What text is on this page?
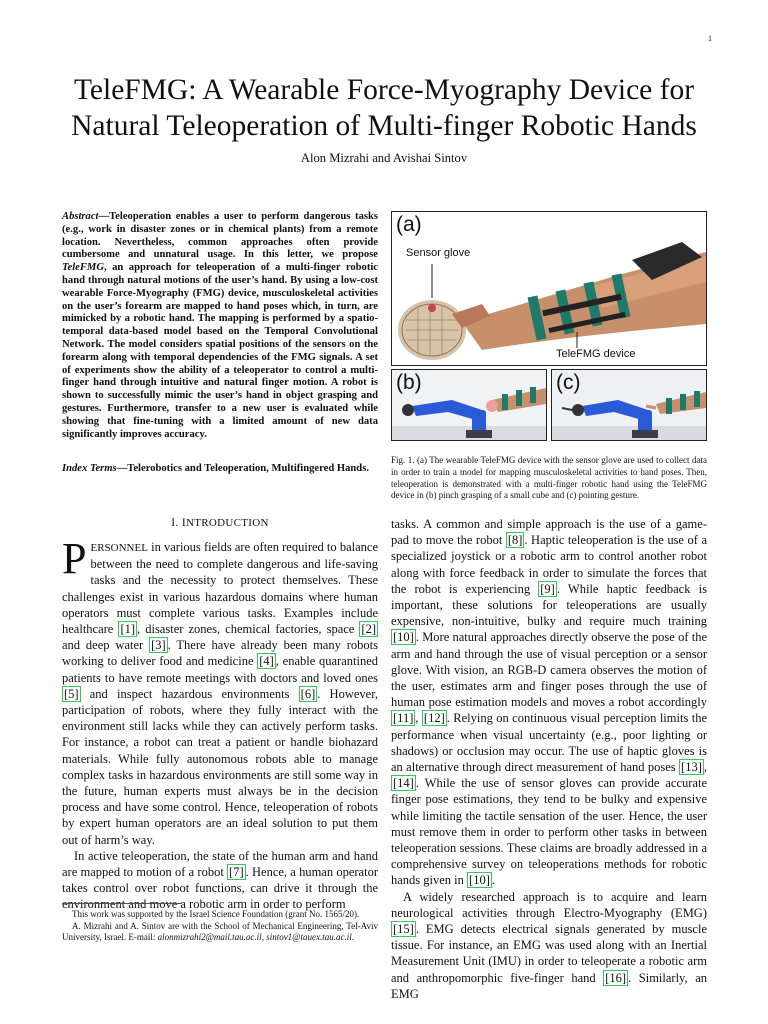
1
TeleFMG: A Wearable Force-Myography Device for
Natural Teleoperation of Multi-finger Robotic Hands
Alon Mizrahi and Avishai Sintov
Abstract—Teleoperation enables a user to perform dangerous tasks (e.g., work in disaster zones or in chemical plants) from a remote location. Nevertheless, common approaches often provide cumbersome and unnatural usage. In this letter, we propose TeleFMG, an approach for teleoperation of a multi-finger robotic hand through natural motions of the user’s hand. By using a low-cost wearable Force-Myography (FMG) device, musculoskeletal activities on the user’s forearm are mapped to hand poses which, in turn, are mimicked by a robotic hand. The mapping is performed by a spatio-temporal data-based model based on the Temporal Convolutional Network. The model considers spatial positions of the sensors on the forearm along with temporal dependencies of the FMG signals. A set of experiments show the ability of a teleoperator to control a multi-finger hand through intuitive and natural finger motion. A robot is shown to successfully mimic the user’s hand in object grasping and gestures. Furthermore, transfer to a new user is evaluated while showing that fine-tuning with a limited amount of new data significantly improves accuracy.
Index Terms—Telerobotics and Teleoperation, Multifingered Hands.
I. INTRODUCTION
PERSONNEL in various fields are often required to balance between the need to complete dangerous and life-saving tasks and the necessity to protect themselves. These challenges exist in various hazardous domains where human operators must complete various tasks. Examples include healthcare [1] , disaster zones, chemical factories, space [2] and deep water [3] . There have already been many robots working to deliver food and medicine [4] , enable quarantined patients to have remote meetings with doctors and loved ones [5] and inspect hazardous environments [6] . However, participation of robots, where they fully interact with the environment still lacks while they can actively perform tasks. For instance, a robot can treat a patient or handle biohazard materials. While fully autonomous robots able to manage complex tasks in hazardous environments are still some way in the future, human experts must always be in the decision process and have some control. Hence, teleoperation of robots by expert human operators are an ideal solution to put them out of harm’s way.
In active teleoperation, the state of the human arm and hand are mapped to motion of a robot [7] . Hence, a human operator takes control over robot functions, can drive it through the environment and move a robotic arm in order to perform

This work was supported by the Israel Science Foundation (grant No. 1565/20).

A. Mizrahi and A. Sintov are with the School of Mechanical Engineering, Tel-Aviv University, Israel. E-mail: alonmizrahi2@mail.tau.ac.il, sintov1@tauex.tau.ac.il.

(a)
Sensor glove
TeleFMG device
(b)	(c)
Fig. 1. (a) The wearable TeleFMG device with the sensor glove are used to collect data in order to train a model for mapping musculoskeletal activities to hand poses. Then, teleoperation is demonstrated with a multi-finger robotic hand using the TeleFMG device in (b) pinch grasping of a small cube and (c) pointing gesture.
tasks. A common and simple approach is the use of a game-pad to move the robot [8] . Haptic teleoperation is the use of a specialized joystick or a robotic arm to control another robot along with force feedback in order to simulate the forces that the robot is experiencing [9] . While haptic feedback is important, these solutions for teleoperations are usually expensive, non-intuitive, bulky and require much training [10] . More natural approaches directly observe the pose of the arm and hand through the use of visual perception or a sensor glove. With vision, an RGB-D camera observes the motion of the user, estimates arm and finger poses through the use of human pose estimation models and moves a robot accordingly [11] , [12] . Relying on continuous visual perception limits the performance when visual uncertainty (e.g., poor lighting or shadows) or occlusion may occur. The use of haptic gloves is an alternative through direct measurement of hand poses [13] , [14] . While the use of sensor gloves can provide accurate finger pose estimations, they tend to be bulky and expensive while limiting the tactile sensation of the user. Hence, the user must remove them in order to perform other tasks in between teleoperation sessions. These claims are broadly addressed in a comprehensive survey on teleoperations methods for robotic hands given in [10] .
A widely researched approach is to acquire and learn neurological activities through Electro-Myography (EMG) [15] . EMG detects electrical signals generated by muscle tissue. For instance, an EMG was used along with an Inertial Measurement Unit (IMU) in order to teleoperate a robotic arm and anthropomorphic five-finger hand [16] . Similarly, an EMG
